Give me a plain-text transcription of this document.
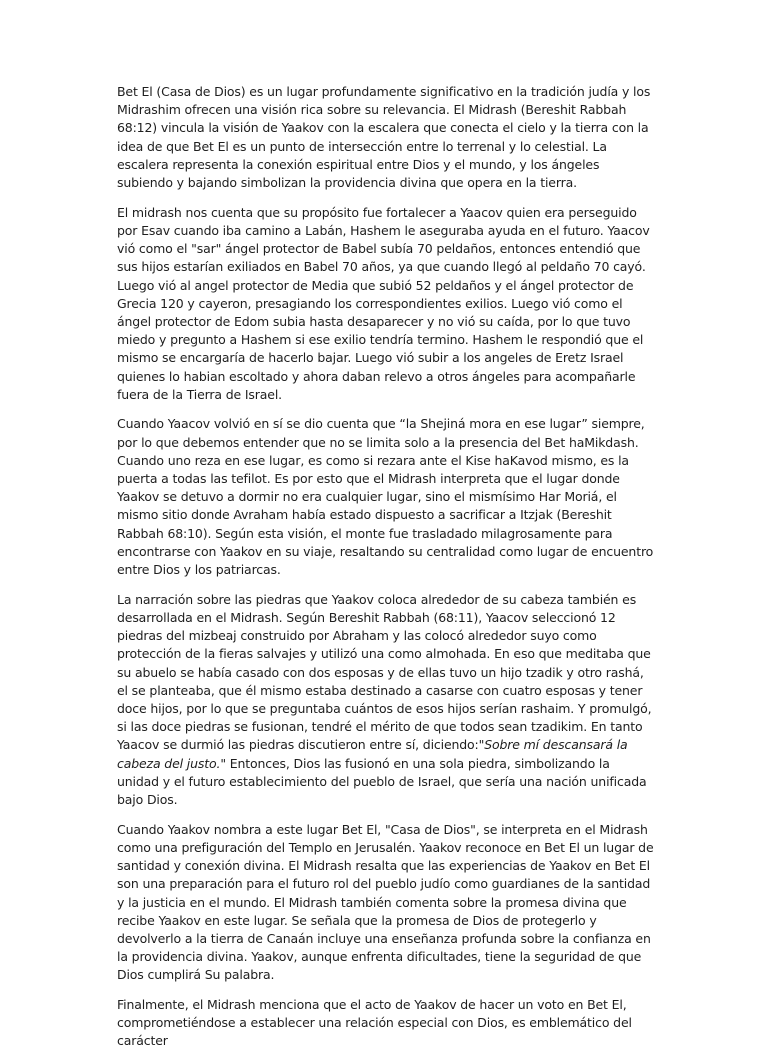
Bet El (Casa de Dios) es un lugar profundamente significativo en la tradición judía y los Midrashim ofrecen una visión rica sobre su relevancia. El Midrash (Bereshit Rabbah 68:12) vincula la visión de Yaakov con la escalera que conecta el cielo y la tierra con la idea de que Bet El es un punto de intersección entre lo terrenal y lo celestial. La escalera representa la conexión espiritual entre Dios y el mundo, y los ángeles subiendo y bajando simbolizan la providencia divina que opera en la tierra.

El midrash nos cuenta que su propósito fue fortalecer a Yaacov quien era perseguido por Esav cuando iba camino a Labán, Hashem le aseguraba ayuda en el futuro. Yaacov vió como el "sar" ángel protector de Babel subía 70 peldaños, entonces entendió que sus hijos estarían exiliados en Babel 70 años, ya que cuando llegó al peldaño 70 cayó. Luego vió al angel protector de Media que subió 52 peldaños y el ángel protector de Grecia 120 y cayeron, presagiando los correspondientes exilios. Luego vió como el ángel protector de Edom subia hasta desaparecer y no vió su caída, por lo que tuvo miedo y pregunto a Hashem si ese exilio tendría termino. Hashem le respondió que el mismo se encargaría de hacerlo bajar. Luego vió subir a los angeles de Eretz Israel quienes lo habian escoltado y ahora daban relevo a otros ángeles para acompañarle fuera de la Tierra de Israel.

Cuando Yaacov volvió en sí se dio cuenta que “la Shejiná mora en ese lugar” siempre, por lo que debemos entender que no se limita solo a la presencia del Bet haMikdash. Cuando uno reza en ese lugar, es como si rezara ante el Kise haKavod mismo, es la puerta a todas las tefilot. Es por esto que el Midrash interpreta que el lugar donde Yaakov se detuvo a dormir no era cualquier lugar, sino el mismísimo Har Moriá, el mismo sitio donde Avraham había estado dispuesto a sacrificar a Itzjak (Bereshit Rabbah 68:10). Según esta visión, el monte fue trasladado milagrosamente para encontrarse con Yaakov en su viaje, resaltando su centralidad como lugar de encuentro entre Dios y los patriarcas.

La narración sobre las piedras que Yaakov coloca alrededor de su cabeza también es desarrollada en el Midrash. Según Bereshit Rabbah (68:11), Yaacov seleccionó 12 piedras del mizbeaj construido por Abraham y las colocó alrededor suyo como protección de la fieras salvajes y utilizó una como almohada. En eso que meditaba que su abuelo se había casado con dos esposas y de ellas tuvo un hijo tzadik y otro rashá, el se planteaba, que él mismo estaba destinado a casarse con cuatro esposas y tener doce hijos, por lo que se preguntaba cuántos de esos hijos serían rashaim. Y promulgó, si las doce piedras se fusionan, tendré el mérito de que todos sean tzadikim. En tanto Yaacov se durmió las piedras discutieron entre sí, diciendo:"Sobre mí descansará la cabeza del justo." Entonces, Dios las fusionó en una sola piedra, simbolizando la unidad y el futuro establecimiento del pueblo de Israel, que sería una nación unificada bajo Dios.

Cuando Yaakov nombra a este lugar Bet El, "Casa de Dios", se interpreta en el Midrash como una prefiguración del Templo en Jerusalén. Yaakov reconoce en Bet El un lugar de santidad y conexión divina. El Midrash resalta que las experiencias de Yaakov en Bet El son una preparación para el futuro rol del pueblo judío como guardianes de la santidad y la justicia en el mundo. El Midrash también comenta sobre la promesa divina que recibe Yaakov en este lugar. Se señala que la promesa de Dios de protegerlo y devolverlo a la tierra de Canaán incluye una enseñanza profunda sobre la confianza en la providencia divina. Yaakov, aunque enfrenta dificultades, tiene la seguridad de que Dios cumplirá Su palabra.

Finalmente, el Midrash menciona que el acto de Yaakov de hacer un voto en Bet El, comprometiéndose a establecer una relación especial con Dios, es emblemático del carácter
